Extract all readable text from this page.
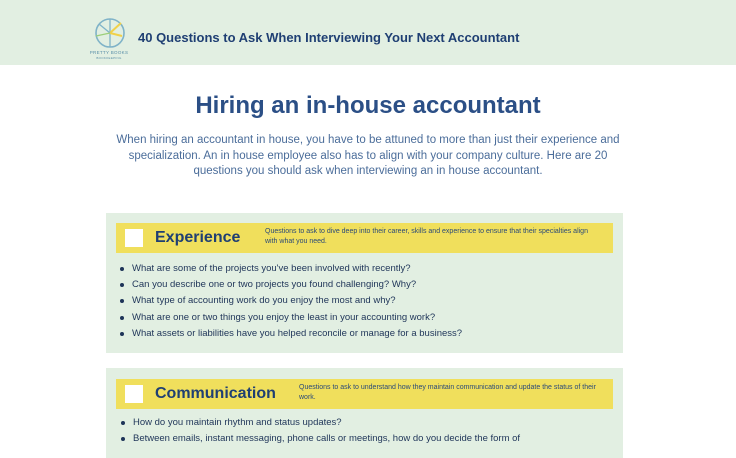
PRETTY BOOKS
BOOKKEEPING
40 Questions to Ask When Interviewing Your Next Accountant
Hiring an in-house accountant
When hiring an accountant in house, you have to be attuned to more than just their experience and specialization. An in house employee also has to align with your company culture. Here are 20 questions you should ask when interviewing an in house accountant.
Experience	Questions to ask to dive deep into their career, skills and experience to ensure that their specialties align with what you need.
What are some of the projects you've been involved with recently?
Can you describe one or two projects you found challenging? Why?
What type of accounting work do you enjoy the most and why?
What are one or two things you enjoy the least in your accounting work?
What assets or liabilities have you helped reconcile or manage for a business?
Communication	Questions to ask to understand how they maintain communication and update the status of their work.
How do you maintain rhythm and status updates?
Between emails, instant messaging, phone calls or meetings, how do you decide the form of
